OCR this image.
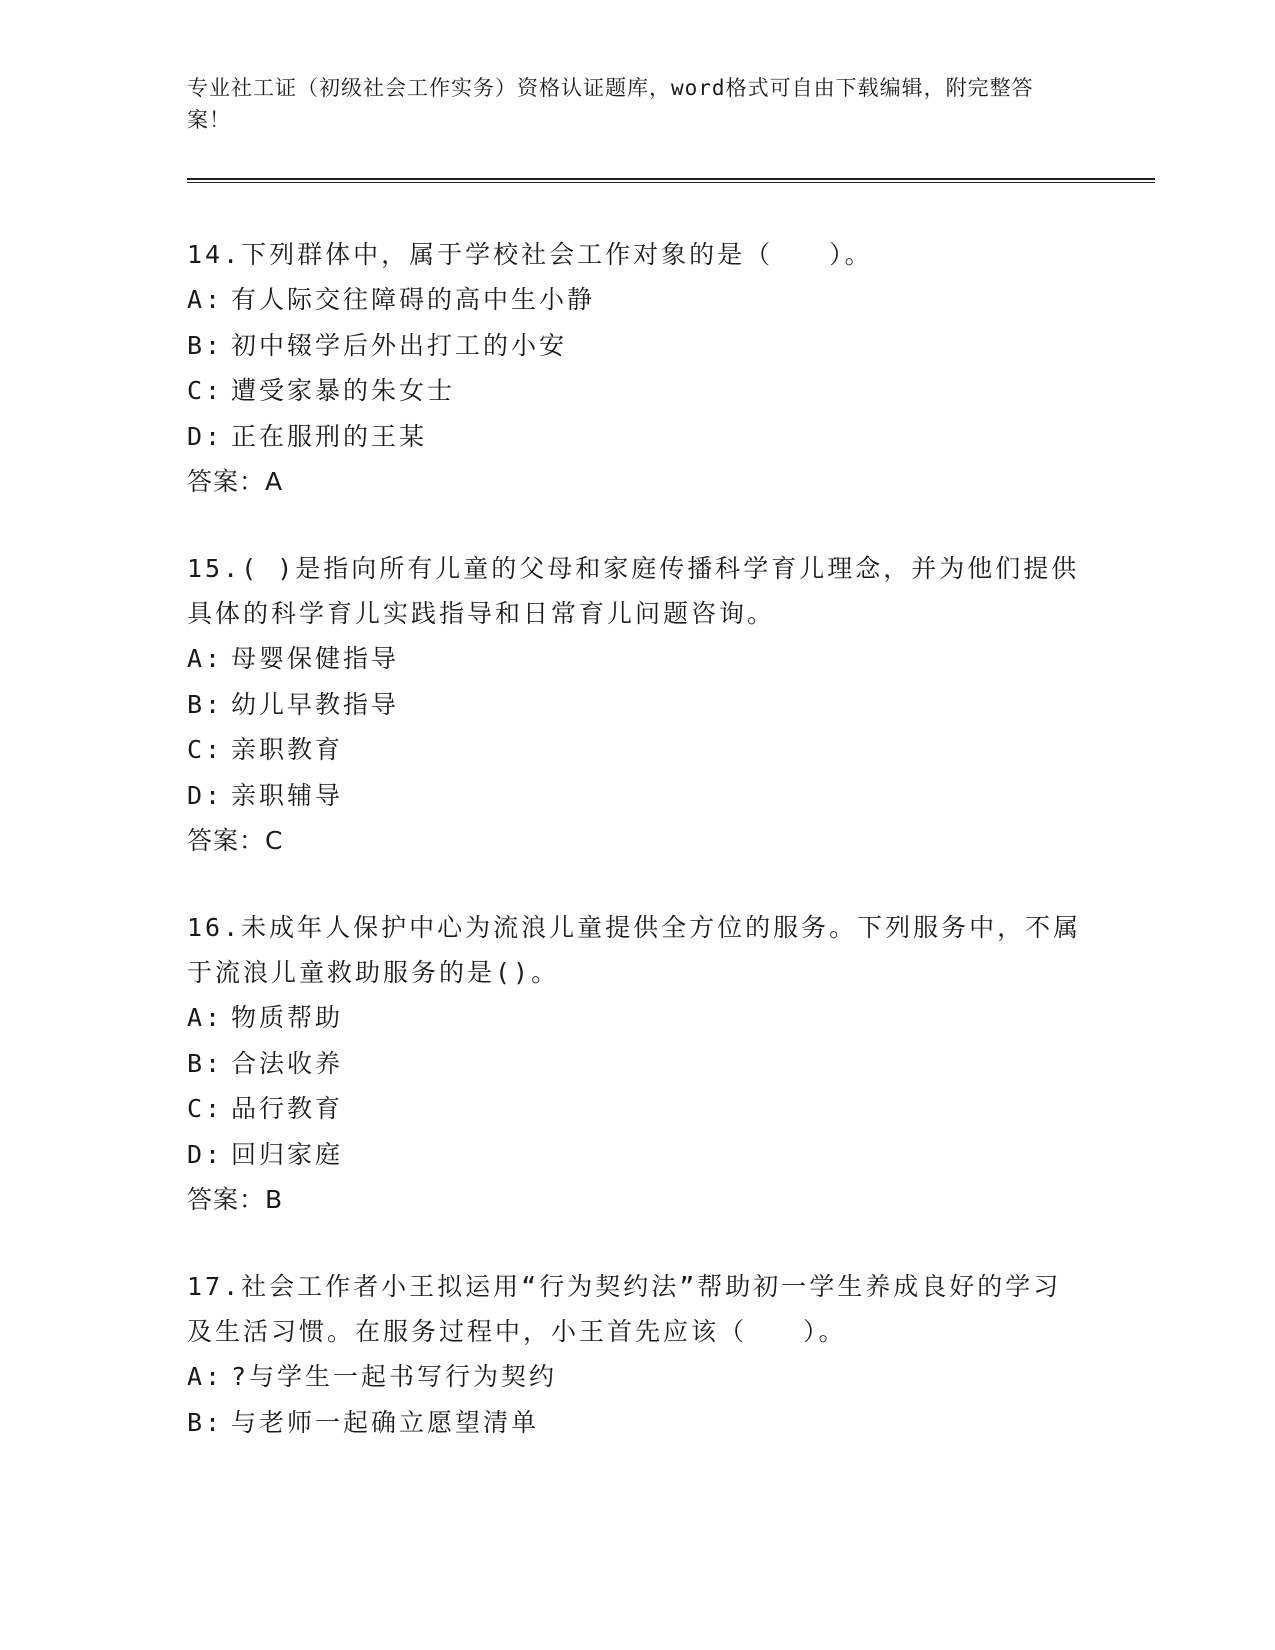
专业社工证（初级社会工作实务）资格认证题库，word格式可自由下载编辑，附完整答案！

14.下列群体中，属于学校社会工作对象的是（　　）。

A: 有人际交往障碍的高中生小静

B: 初中辍学后外出打工的小安

C: 遭受家暴的朱女士

D: 正在服刑的王某

答案：A

15.( )是指向所有儿童的父母和家庭传播科学育儿理念，并为他们提供具体的科学育儿实践指导和日常育儿问题咨询。

A: 母婴保健指导

B: 幼儿早教指导

C: 亲职教育

D: 亲职辅导

答案：C

16.未成年人保护中心为流浪儿童提供全方位的服务。下列服务中，不属于流浪儿童救助服务的是()。

A: 物质帮助

B: 合法收养

C: 品行教育

D: 回归家庭

答案：B

17.社会工作者小王拟运用“行为契约法”帮助初一学生养成良好的学习及生活习惯。在服务过程中，小王首先应该（　　）。

A: ?与学生一起书写行为契约

B: 与老师一起确立愿望清单
